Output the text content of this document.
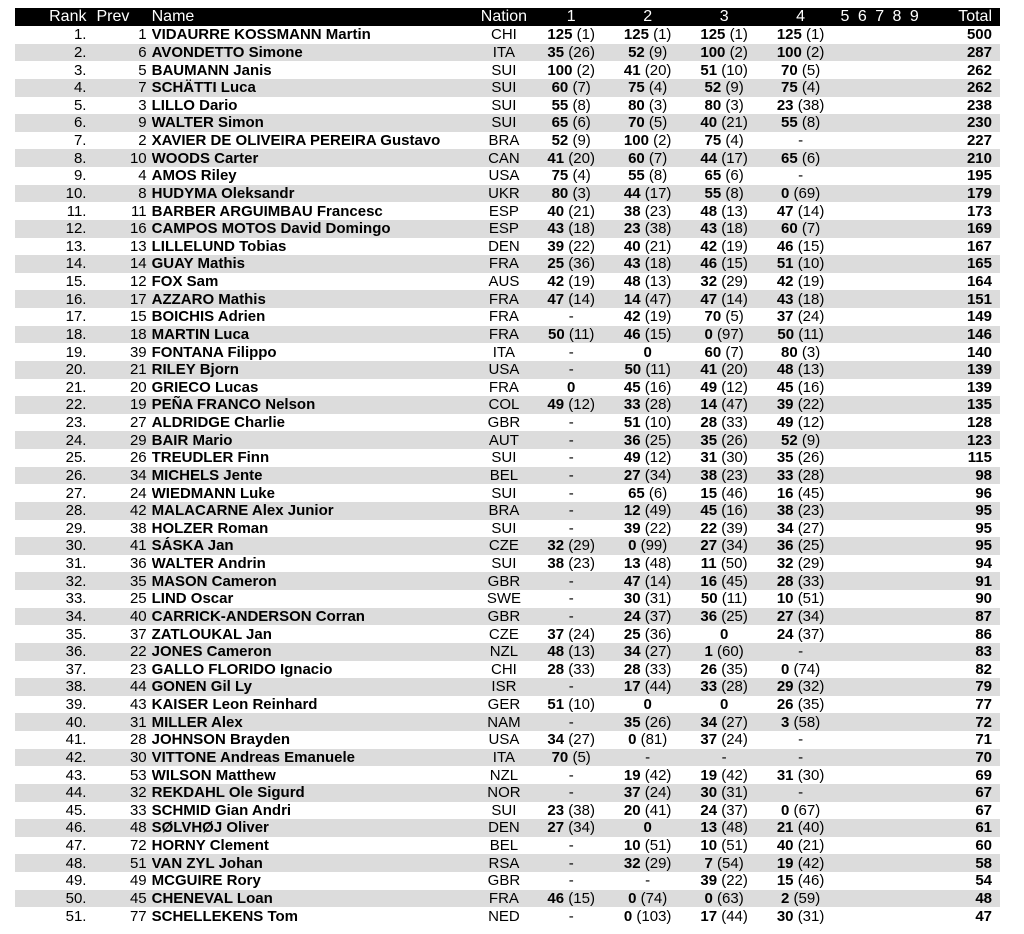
Rank	Prev	Name	Nation	1	2	3	4	5 6 7 8 9	Total
1.	1	VIDAURRE KOSSMANN Martin	CHI	125 (1)	125 (1)	125 (1)	125 (1)		500
2.	6	AVONDETTO Simone	ITA	35 (26)	52 (9)	100 (2)	100 (2)		287
3.	5	BAUMANN Janis	SUI	100 (2)	41 (20)	51 (10)	70 (5)		262
4.	7	SCHÄTTI Luca	SUI	60 (7)	75 (4)	52 (9)	75 (4)		262
5.	3	LILLO Dario	SUI	55 (8)	80 (3)	80 (3)	23 (38)		238
6.	9	WALTER Simon	SUI	65 (6)	70 (5)	40 (21)	55 (8)		230
7.	2	XAVIER DE OLIVEIRA PEREIRA Gustavo	BRA	52 (9)	100 (2)	75 (4)	-		227
8.	10	WOODS Carter	CAN	41 (20)	60 (7)	44 (17)	65 (6)		210
9.	4	AMOS Riley	USA	75 (4)	55 (8)	65 (6)	-		195
10.	8	HUDYMA Oleksandr	UKR	80 (3)	44 (17)	55 (8)	0 (69)		179
11.	11	BARBER ARGUIMBAU Francesc	ESP	40 (21)	38 (23)	48 (13)	47 (14)		173
12.	16	CAMPOS MOTOS David Domingo	ESP	43 (18)	23 (38)	43 (18)	60 (7)		169
13.	13	LILLELUND Tobias	DEN	39 (22)	40 (21)	42 (19)	46 (15)		167
14.	14	GUAY Mathis	FRA	25 (36)	43 (18)	46 (15)	51 (10)		165
15.	12	FOX Sam	AUS	42 (19)	48 (13)	32 (29)	42 (19)		164
16.	17	AZZARO Mathis	FRA	47 (14)	14 (47)	47 (14)	43 (18)		151
17.	15	BOICHIS Adrien	FRA	-	42 (19)	70 (5)	37 (24)		149
18.	18	MARTIN Luca	FRA	50 (11)	46 (15)	0 (97)	50 (11)		146
19.	39	FONTANA Filippo	ITA	-	0	60 (7)	80 (3)		140
20.	21	RILEY Bjorn	USA	-	50 (11)	41 (20)	48 (13)		139
21.	20	GRIECO Lucas	FRA	0	45 (16)	49 (12)	45 (16)		139
22.	19	PEÑA FRANCO Nelson	COL	49 (12)	33 (28)	14 (47)	39 (22)		135
23.	27	ALDRIDGE Charlie	GBR	-	51 (10)	28 (33)	49 (12)		128
24.	29	BAIR Mario	AUT	-	36 (25)	35 (26)	52 (9)		123
25.	26	TREUDLER Finn	SUI	-	49 (12)	31 (30)	35 (26)		115
26.	34	MICHELS Jente	BEL	-	27 (34)	38 (23)	33 (28)		98
27.	24	WIEDMANN Luke	SUI	-	65 (6)	15 (46)	16 (45)		96
28.	42	MALACARNE Alex Junior	BRA	-	12 (49)	45 (16)	38 (23)		95
29.	38	HOLZER Roman	SUI	-	39 (22)	22 (39)	34 (27)		95
30.	41	SÁSKA Jan	CZE	32 (29)	0 (99)	27 (34)	36 (25)		95
31.	36	WALTER Andrin	SUI	38 (23)	13 (48)	11 (50)	32 (29)		94
32.	35	MASON Cameron	GBR	-	47 (14)	16 (45)	28 (33)		91
33.	25	LIND Oscar	SWE	-	30 (31)	50 (11)	10 (51)		90
34.	40	CARRICK-ANDERSON Corran	GBR	-	24 (37)	36 (25)	27 (34)		87
35.	37	ZATLOUKAL Jan	CZE	37 (24)	25 (36)	0	24 (37)		86
36.	22	JONES Cameron	NZL	48 (13)	34 (27)	1 (60)	-		83
37.	23	GALLO FLORIDO Ignacio	CHI	28 (33)	28 (33)	26 (35)	0 (74)		82
38.	44	GONEN Gil Ly	ISR	-	17 (44)	33 (28)	29 (32)		79
39.	43	KAISER Leon Reinhard	GER	51 (10)	0	0	26 (35)		77
40.	31	MILLER Alex	NAM	-	35 (26)	34 (27)	3 (58)		72
41.	28	JOHNSON Brayden	USA	34 (27)	0 (81)	37 (24)	-		71
42.	30	VITTONE Andreas Emanuele	ITA	70 (5)	-	-	-		70
43.	53	WILSON Matthew	NZL	-	19 (42)	19 (42)	31 (30)		69
44.	32	REKDAHL Ole Sigurd	NOR	-	37 (24)	30 (31)	-		67
45.	33	SCHMID Gian Andri	SUI	23 (38)	20 (41)	24 (37)	0 (67)		67
46.	48	SØLVHØJ Oliver	DEN	27 (34)	0	13 (48)	21 (40)		61
47.	72	HORNY Clement	BEL	-	10 (51)	10 (51)	40 (21)		60
48.	51	VAN ZYL Johan	RSA	-	32 (29)	7 (54)	19 (42)		58
49.	49	MCGUIRE Rory	GBR	-	-	39 (22)	15 (46)		54
50.	45	CHENEVAL Loan	FRA	46 (15)	0 (74)	0 (63)	2 (59)		48
51.	77	SCHELLEKENS Tom	NED	-	0 (103)	17 (44)	30 (31)		47
